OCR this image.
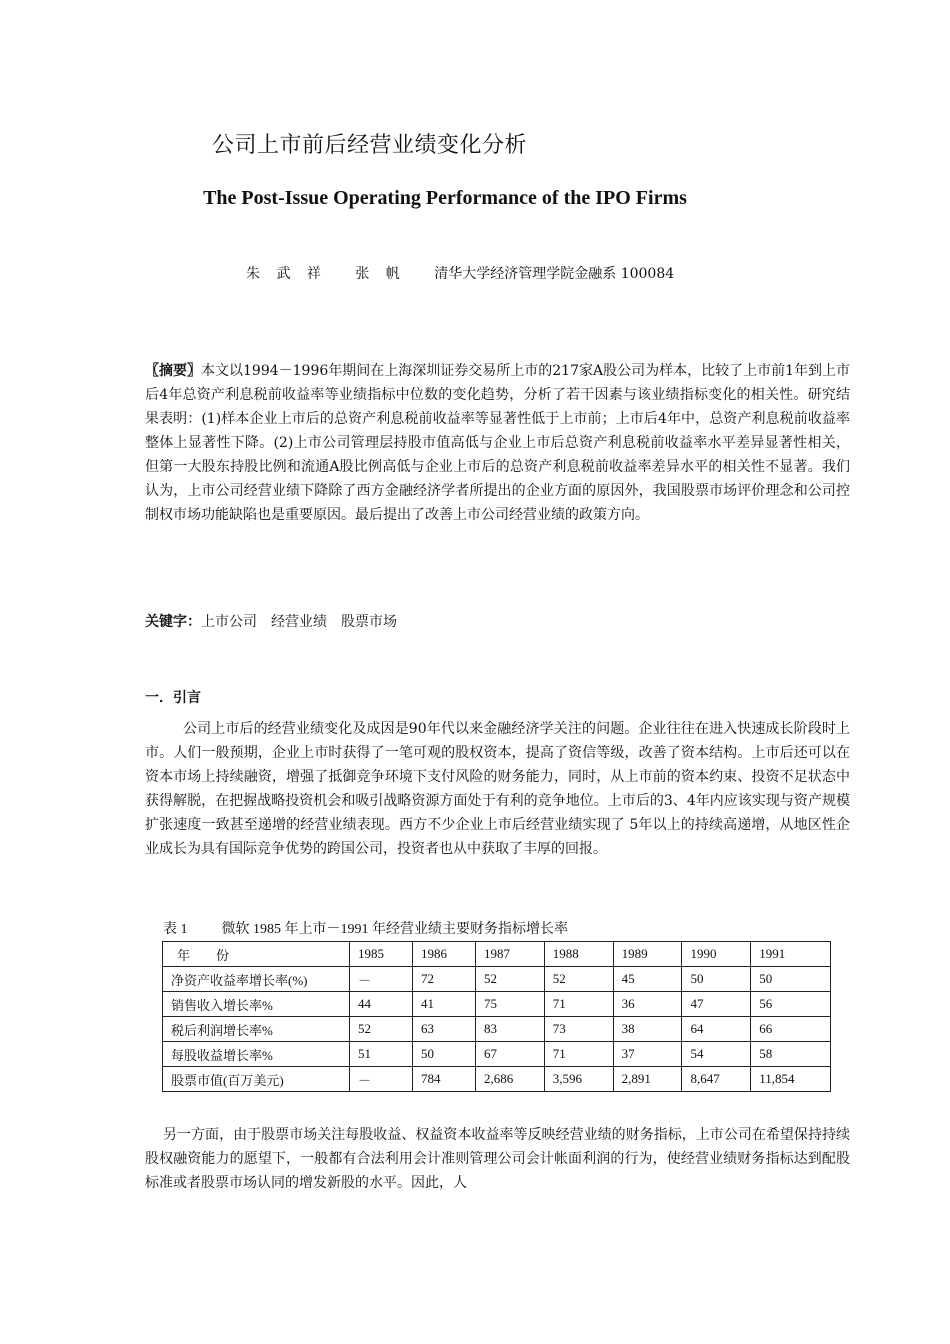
公司上市前后经营业绩变化分析
The Post-Issue Operating Performance of the IPO Firms
朱 武 祥 张 帆 清华大学经济管理学院金融系 100084

〖摘要〗本文以1994－1996年期间在上海深圳证券交易所上市的217家A股公司为样本，比较了上市前1年到上市后4年总资产利息税前收益率等业绩指标中位数的变化趋势，分析了若干因素与该业绩指标变化的相关性。研究结果表明：(1)样本企业上市后的总资产利息税前收益率等显著性低于上市前；上市后4年中，总资产利息税前收益率整体上显著性下降。(2)上市公司管理层持股市值高低与企业上市后总资产利息税前收益率水平差异显著性相关，但第一大股东持股比例和流通A股比例高低与企业上市后的总资产利息税前收益率差异水平的相关性不显著。我们认为，上市公司经营业绩下降除了西方金融经济学者所提出的企业方面的原因外，我国股票市场评价理念和公司控制权市场功能缺陷也是重要原因。最后提出了改善上市公司经营业绩的政策方向。

关键字：上市公司 经营业绩 股票市场
一．引言

公司上市后的经营业绩变化及成因是90年代以来金融经济学关注的问题。企业往往在进入快速成长阶段时上市。人们一般预期，企业上市时获得了一笔可观的股权资本，提高了资信等级，改善了资本结构。上市后还可以在资本市场上持续融资，增强了抵御竞争环境下支付风险的财务能力，同时，从上市前的资本约束、投资不足状态中获得解脱，在把握战略投资机会和吸引战略资源方面处于有利的竞争地位。上市后的3、4年内应该实现与资产规模扩张速度一致甚至递增的经营业绩表现。西方不少企业上市后经营业绩实现了 5年以上的持续高递增，从地区性企业成长为具有国际竞争优势的跨国公司，投资者也从中获取了丰厚的回报。

表 1 微软 1985 年上市－1991 年经营业绩主要财务指标增长率
年　　份	1985	1986	1987	1988	1989	1990	1991
净资产收益率增长率(%)	－	72	52	52	45	50	50
销售收入增长率%	44	41	75	71	36	47	56
税后利润增长率%	52	63	83	73	38	64	66
每股收益增长率%	51	50	67	71	37	54	58
股票市值(百万美元)	－	784	2,686	3,596	2,891	8,647	11,854

另一方面，由于股票市场关注每股收益、权益资本收益率等反映经营业绩的财务指标，上市公司在希望保持持续股权融资能力的愿望下，一般都有合法利用会计准则管理公司会计帐面利润的行为，使经营业绩财务指标达到配股标准或者股票市场认同的增发新股的水平。因此，人
